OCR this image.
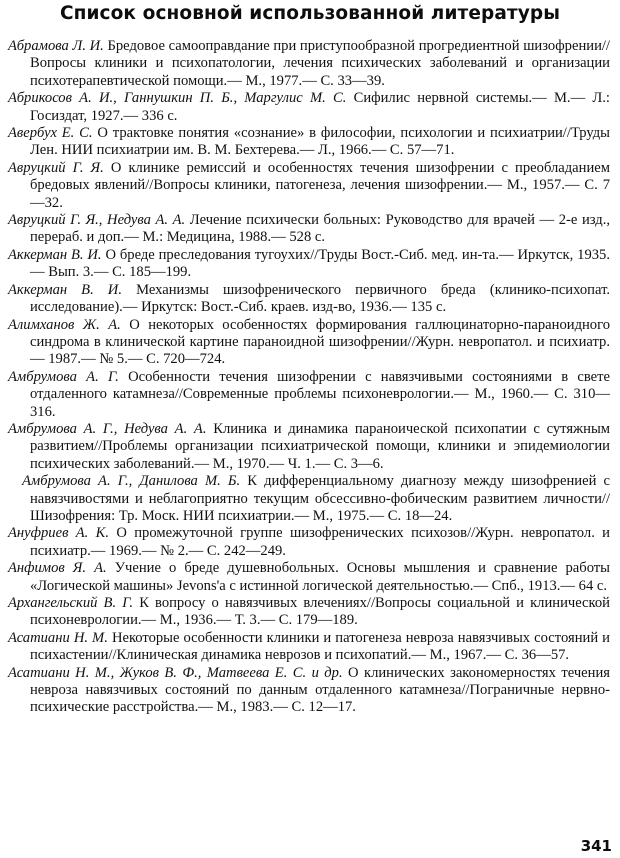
Список основной использованной литературы

Абрамова Л. И. Бредовое самооправдание при приступообразной прогредиентной шизофрении//Вопросы клиники и психопатологии, лечения психических заболеваний и организации психотерапевтической помощи.— М., 1977.— С. 33—39.

Абрикосов А. И., Ганнушкин П. Б., Маргулис М. С. Сифилис нервной системы.— М.— Л.: Госиздат, 1927.— 336 с.

Авербух Е. С. О трактовке понятия «сознание» в философии, психологии и психиатрии//Труды Лен. НИИ психиатрии им. В. М. Бехтерева.— Л., 1966.— С. 57—71.

Авруцкий Г. Я. О клинике ремиссий и особенностях течения шизофрении с преобладанием бредовых явлений//Вопросы клиники, патогенеза, лечения шизофрении.— М., 1957.— С. 7—32.

Авруцкий Г. Я., Недува А. А. Лечение психически больных: Руководство для врачей — 2-е изд., перераб. и доп.— М.: Медицина, 1988.— 528 с.

Аккерман В. И. О бреде преследования тугоухих//Труды Вост.-Сиб. мед. ин-та.— Иркутск, 1935.— Вып. 3.— С. 185—199.

Аккерман В. И. Механизмы шизофренического первичного бреда (клинико-психопат. исследование).— Иркутск: Вост.-Сиб. краев. изд-во, 1936.— 135 с.

Алимханов Ж. А. О некоторых особенностях формирования галлюцинаторно-параноидного синдрома в клинической картине параноидной шизофрении//Журн. невропатол. и психиатр.— 1987.— № 5.— С. 720—724.

Амбрумова А. Г. Особенности течения шизофрении с навязчивыми состояниями в свете отдаленного катамнеза//Современные проблемы психоневрологии.— М., 1960.— С. 310—316.

Амбрумова А. Г., Недува А. А. Клиника и динамика параноической психопатии с сутяжным развитием//Проблемы организации психиатрической помощи, клиники и эпидемиологии психических заболеваний.— М., 1970.— Ч. 1.— С. 3—6.

Амбрумова А. Г., Данилова М. Б. К дифференциальному диагнозу между шизофренией с навязчивостями и неблагоприятно текущим обсессивно-фобическим развитием личности//Шизофрения: Тр. Моск. НИИ психиатрии.— М., 1975.— С. 18—24.

Ануфриев А. К. О промежуточной группе шизофренических психозов//Журн. невропатол. и психиатр.— 1969.— № 2.— С. 242—249.

Анфимов Я. А. Учение о бреде душевнобольных. Основы мышления и сравнение работы «Логической машины» Jevons'а с истинной логической деятельностью.— Спб., 1913.— 64 с.

Архангельский В. Г. К вопросу о навязчивых влечениях//Вопросы социальной и клинической психоневрологии.— М., 1936.— Т. 3.— С. 179—189.

Асатиани Н. М. Некоторые особенности клиники и патогенеза невроза навязчивых состояний и психастении//Клиническая динамика неврозов и психопатий.— М., 1967.— С. 36—57.

Асатиани Н. М., Жуков В. Ф., Матвеева Е. С. и др. О клинических закономерностях течения невроза навязчивых состояний по данным отдаленного катамнеза//Пограничные нервно-психические расстройства.— М., 1983.— С. 12—17.

341
